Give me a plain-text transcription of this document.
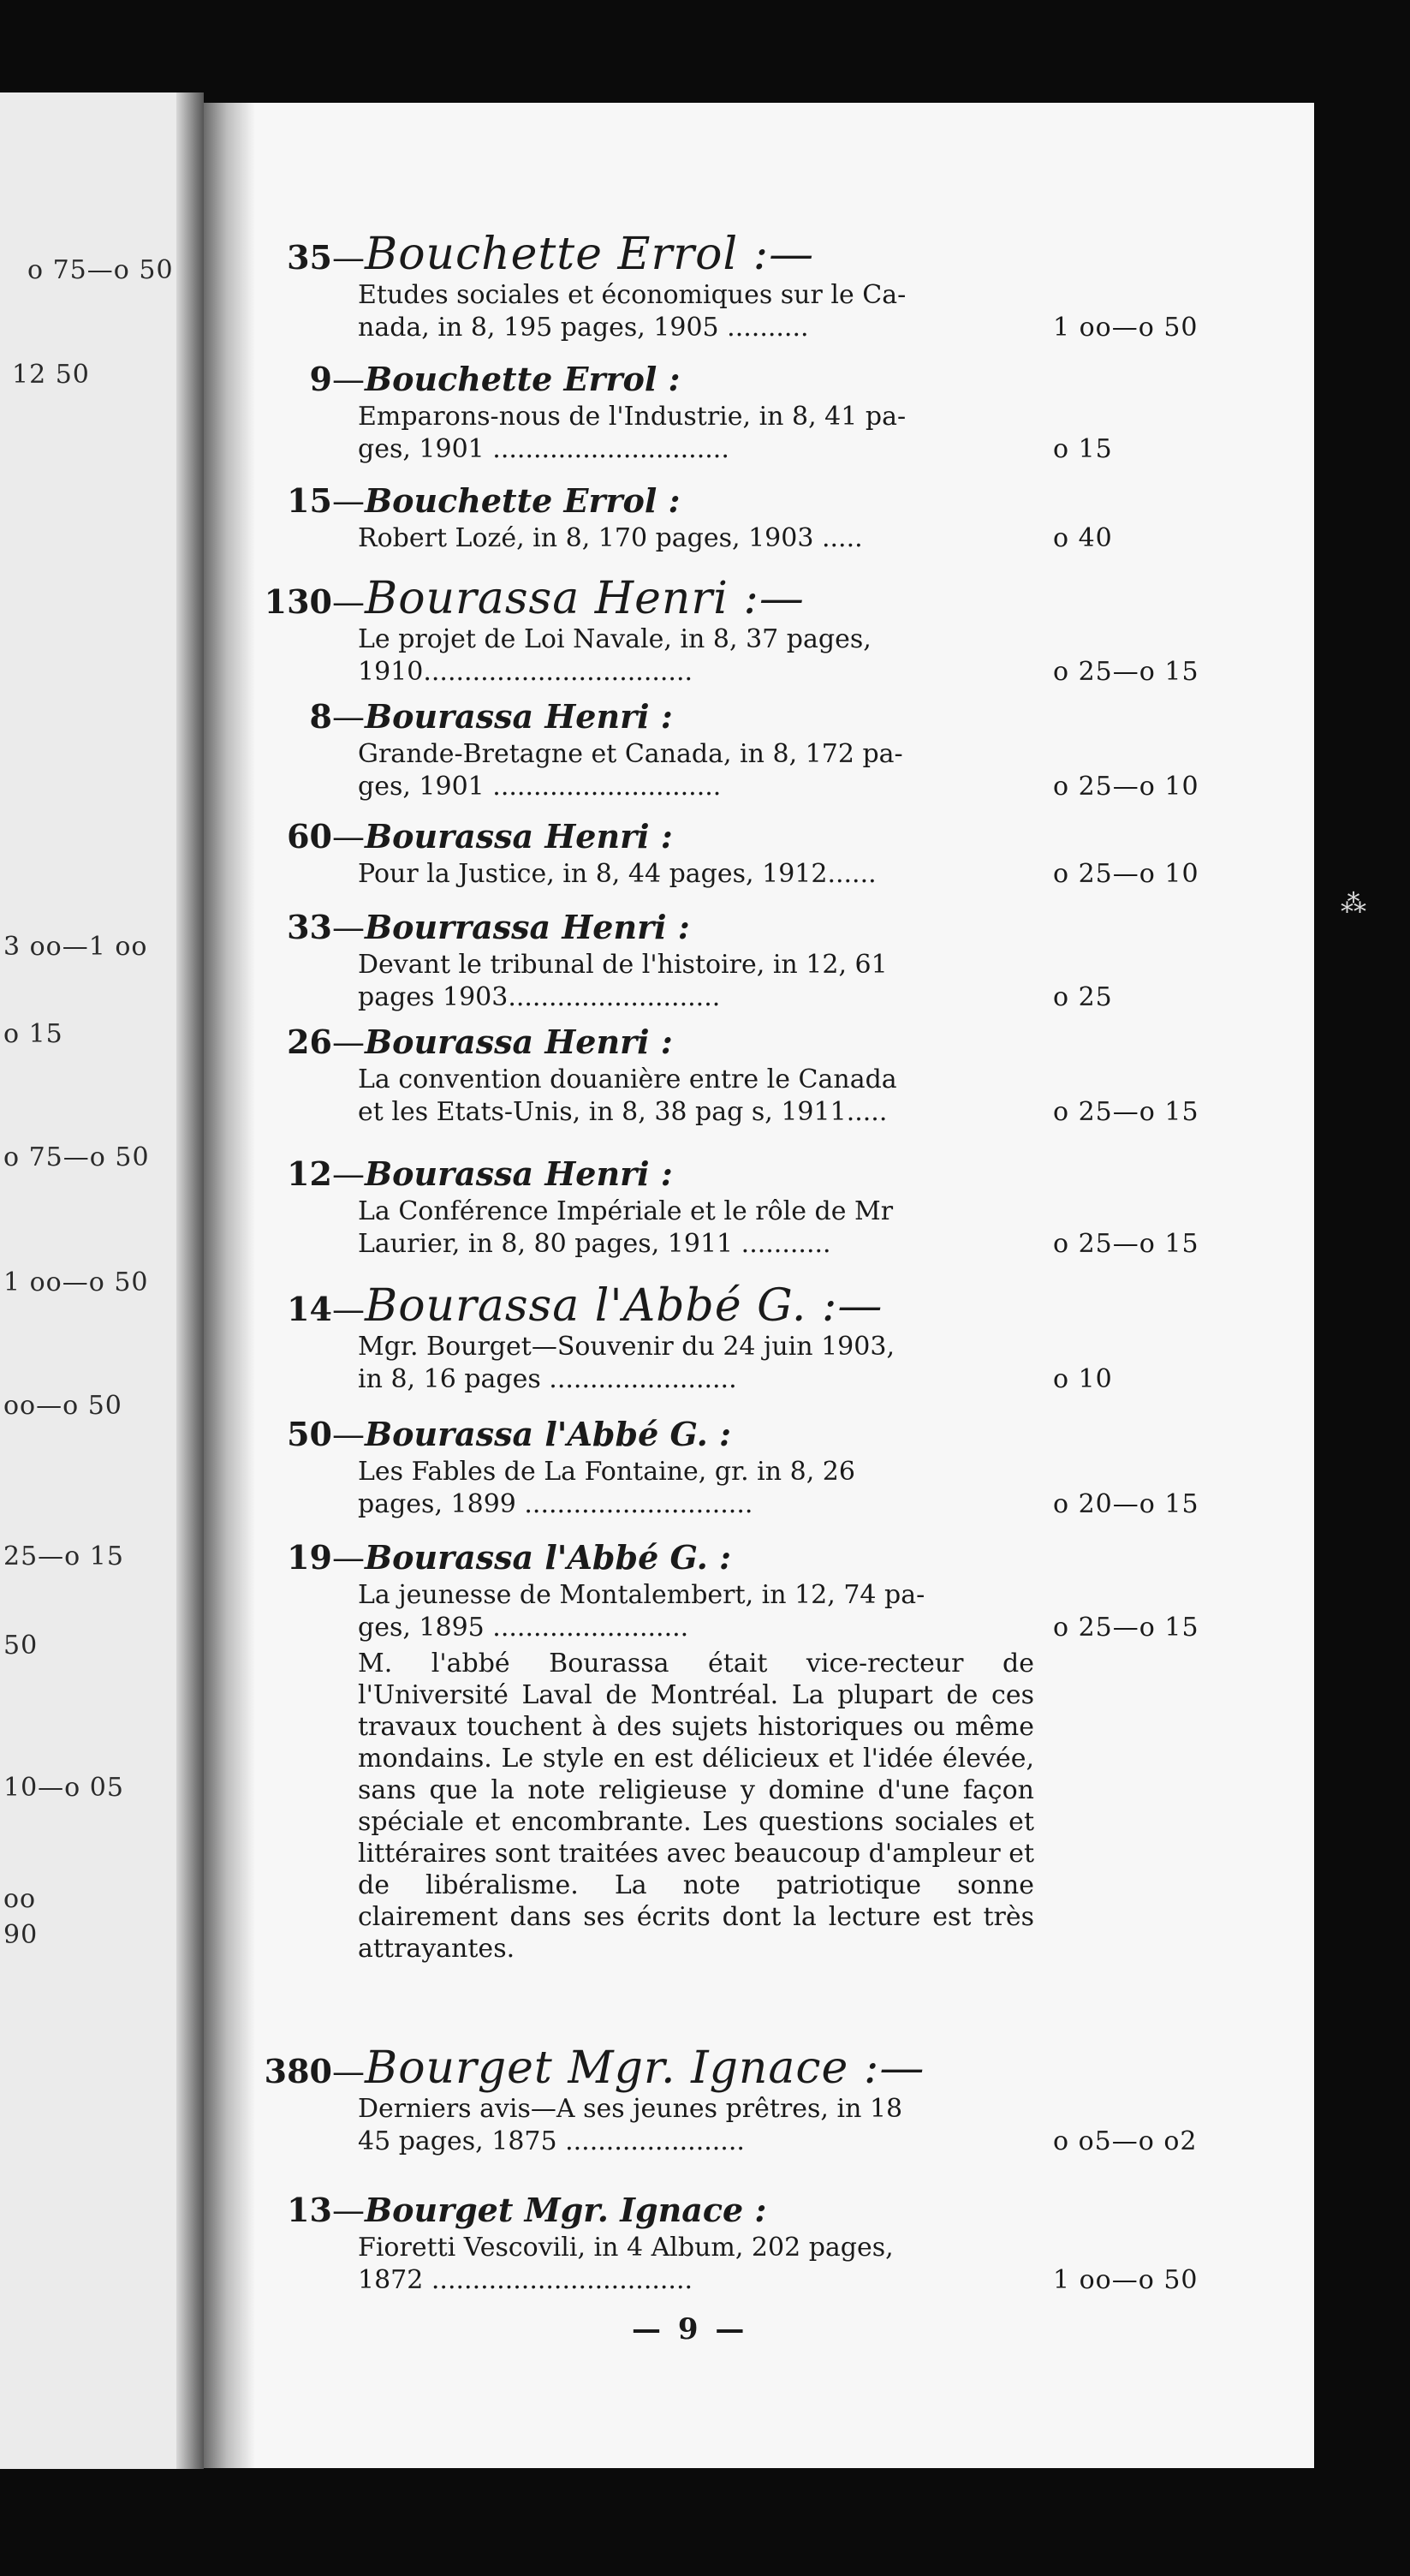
o 75—o 50
12 50
3 oo—1 oo
o 15
o 75—o 50
1 oo—o 50
oo—o 50
25—o 15
50
10—o 05
oo
90
⁂
35—Bouchette Errol :—
Etudes sociales et économiques sur le Ca-
nada, in 8, 195 pages, 1905 ..........	1 oo—o 50
9—Bouchette Errol :
Emparons-nous de l'Industrie, in 8, 41 pa-
ges, 1901 .............................	o 15
15—Bouchette Errol :
Robert Lozé, in 8, 170 pages, 1903 .....	o 40
130—Bourassa Henri :—
Le projet de Loi Navale, in 8, 37 pages,
1910.................................	o 25—o 15
8—Bourassa Henri :
Grande-Bretagne et Canada, in 8, 172 pa-
ges, 1901 ............................	o 25—o 10
60—Bourassa Henri :
Pour la Justice, in 8, 44 pages, 1912......	o 25—o 10
33—Bourrassa Henri :
Devant le tribunal de l'histoire, in 12, 61
pages 1903..........................	o 25
26—Bourassa Henri :
La convention douanière entre le Canada
et les Etats-Unis, in 8, 38 pag s, 1911.....	o 25—o 15
12—Bourassa Henri :
La Conférence Impériale et le rôle de Mr
Laurier, in 8, 80 pages, 1911 ...........	o 25—o 15
14—Bourassa l'Abbé G. :—
Mgr. Bourget—Souvenir du 24 juin 1903,
in 8, 16 pages .......................	o 10
50—Bourassa l'Abbé G. :
Les Fables de La Fontaine, gr. in 8, 26
pages, 1899 ............................	o 20—o 15
19—Bourassa l'Abbé G. :
La jeunesse de Montalembert, in 12, 74 pa-
ges, 1895 ........................	o 25—o 15
M. l'abbé Bourassa était vice-recteur de l'Université Laval de Montréal. La plupart de ces travaux touchent à des sujets historiques ou même mondains. Le style en est délicieux et l'idée élevée, sans que la note religieuse y domine d'une façon spéciale et encombrante. Les questions sociales et littéraires sont traitées avec beaucoup d'ampleur et de libéralisme. La note patriotique sonne clairement dans ses écrits dont la lecture est très attrayantes.
380—Bourget Mgr. Ignace :—
Derniers avis—A ses jeunes prêtres, in 18
45 pages, 1875 ......................	o o5—o o2
13—Bourget Mgr. Ignace :
Fioretti Vescovili, in 4 Album, 202 pages,
1872 ................................	1 oo—o 50
— 9 —
